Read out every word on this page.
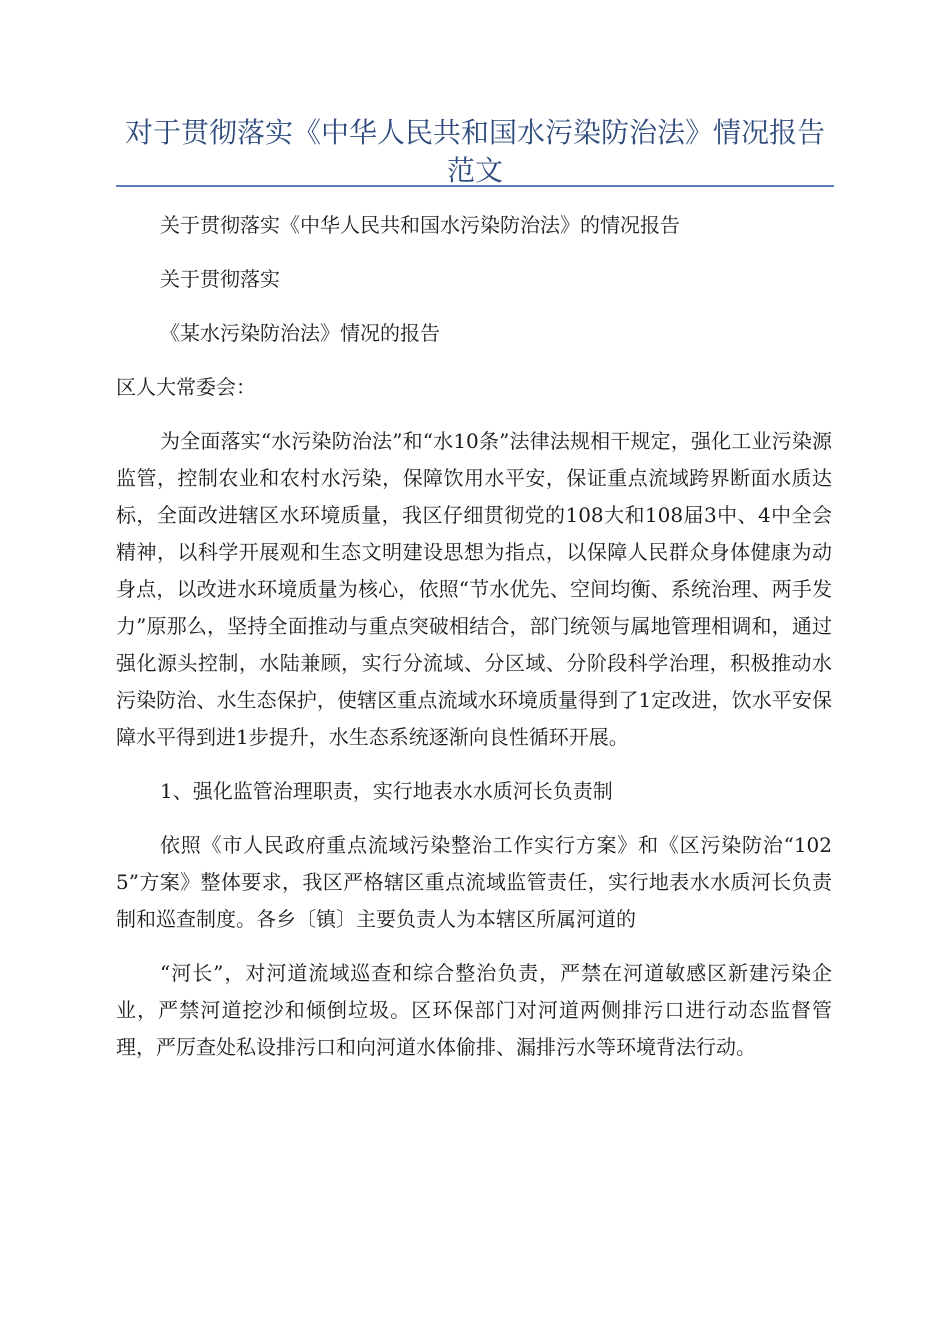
对于贯彻落实《中华人民共和国水污染防治法》情况报告范文

关于贯彻落实《中华人民共和国水污染防治法》的情况报告

关于贯彻落实

《某水污染防治法》情况的报告

区人大常委会：

为全面落实“水污染防治法”和“水10条”法律法规相干规定，强化工业污染源监管，控制农业和农村水污染，保障饮用水平安，保证重点流域跨界断面水质达标，全面改进辖区水环境质量，我区仔细贯彻党的108大和108届3中、4中全会精神，以科学开展观和生态文明建设思想为指点，以保障人民群众身体健康为动身点，以改进水环境质量为核心，依照“节水优先、空间均衡、系统治理、两手发力”原那么，坚持全面推动与重点突破相结合，部门统领与属地管理相调和，通过强化源头控制，水陆兼顾，实行分流域、分区域、分阶段科学治理，积极推动水污染防治、水生态保护，使辖区重点流域水环境质量得到了1定改进，饮水平安保障水平得到进1步提升，水生态系统逐渐向良性循环开展。

1、强化监管治理职责，实行地表水水质河长负责制

依照《市人民政府重点流域污染整治工作实行方案》和《区污染防治“1025”方案》整体要求，我区严格辖区重点流域监管责任，实行地表水水质河长负责制和巡查制度。各乡〔镇〕主要负责人为本辖区所属河道的

“河长”，对河道流域巡查和综合整治负责，严禁在河道敏感区新建污染企业，严禁河道挖沙和倾倒垃圾。区环保部门对河道两侧排污口进行动态监督管理，严厉查处私设排污口和向河道水体偷排、漏排污水等环境背法行动。
